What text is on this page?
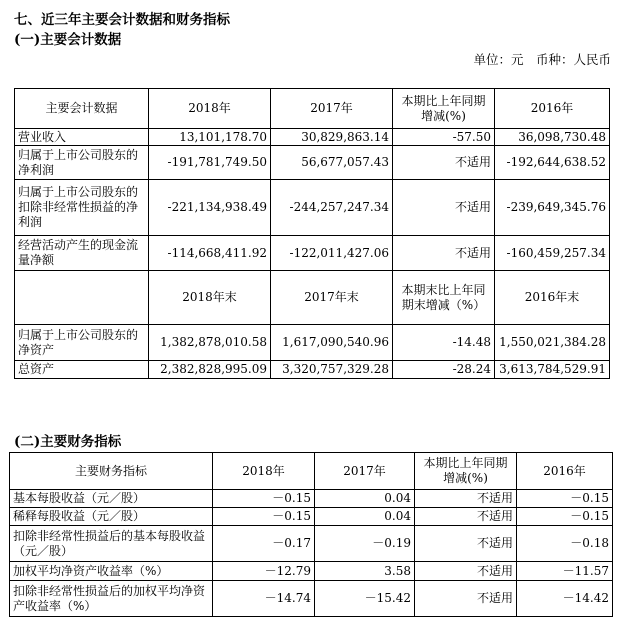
七、近三年主要会计数据和财务指标
(一)主要会计数据
单位：元　币种：人民币
主要会计数据	2018年	2017年	本期比上年同期增减(%)	2016年
营业收入	13,101,178.70	30,829,863.14	-57.50	36,098,730.48
归属于上市公司股东的净利润	-191,781,749.50	56,677,057.43	不适用	-192,644,638.52
归属于上市公司股东的扣除非经常性损益的净利润	-221,134,938.49	-244,257,247.34	不适用	-239,649,345.76
经营活动产生的现金流量净额	-114,668,411.92	-122,011,427.06	不适用	-160,459,257.34
	2018年末	2017年末	本期末比上年同期末增减（%）	2016年末
归属于上市公司股东的净资产	1,382,878,010.58	1,617,090,540.96	-14.48	1,550,021,384.28
总资产	2,382,828,995.09	3,320,757,329.28	-28.24	3,613,784,529.91
(二)主要财务指标
主要财务指标	2018年	2017年	本期比上年同期增减(%)	2016年
基本每股收益（元／股）	－0.15	0.04	不适用	－0.15
稀释每股收益（元／股）	－0.15	0.04	不适用	－0.15
扣除非经常性损益后的基本每股收益（元／股）	－0.17	－0.19	不适用	－0.18
加权平均净资产收益率（%）	－12.79	3.58	不适用	－11.57
扣除非经常性损益后的加权平均净资产收益率（%）	－14.74	－15.42	不适用	－14.42
